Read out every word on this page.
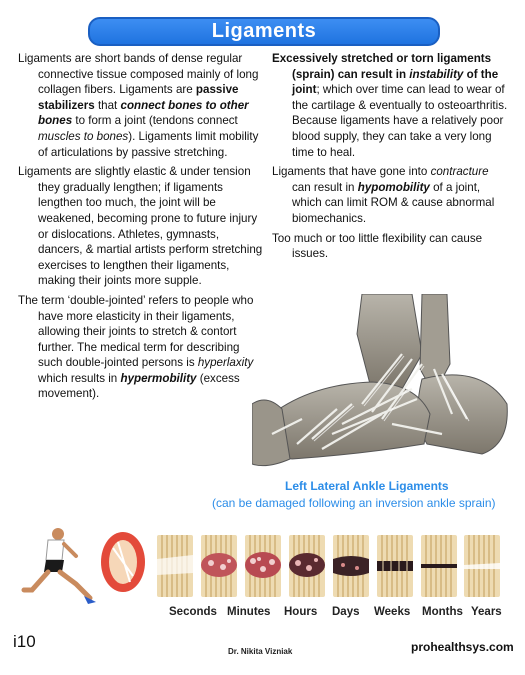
Ligaments
Ligaments are short bands of dense regular
connective tissue composed mainly of long collagen fibers. Ligaments are passive stabilizers that connect bones to other bones to form a joint (tendons connect muscles to bones). Ligaments limit mobility of articulations by passive stretching.
Ligaments are slightly elastic & under tension they gradually lengthen; if ligaments lengthen too much, the joint will be weakened, becoming prone to future injury or dislocations. Athletes, gymnasts, dancers, & martial artists perform stretching exercises to lengthen their ligaments, making their joints more supple.
The term ‘double-jointed’ refers to people who have more elasticity in their ligaments, allowing their joints to stretch & contort further. The medical term for describing such double-jointed persons is hyperlaxity which results in hypermobility (excess movement).
Excessively stretched or torn ligaments (sprain) can result in instability of the joint; which over time can lead to wear of the cartilage & eventually to osteoarthritis. Because ligaments have a relatively poor blood supply, they can take a very long time to heal.
Ligaments that have gone into contracture can result in hypomobility of a joint, which can limit ROM & cause abnormal biomechanics.
Too much or too little flexibility can cause issues.
Left Lateral Ankle Ligaments
(can be damaged following an inversion ankle sprain)
Seconds Minutes Hours Days Weeks Months Years
i10
Dr. Nikita Vizniak	prohealthsys.com
